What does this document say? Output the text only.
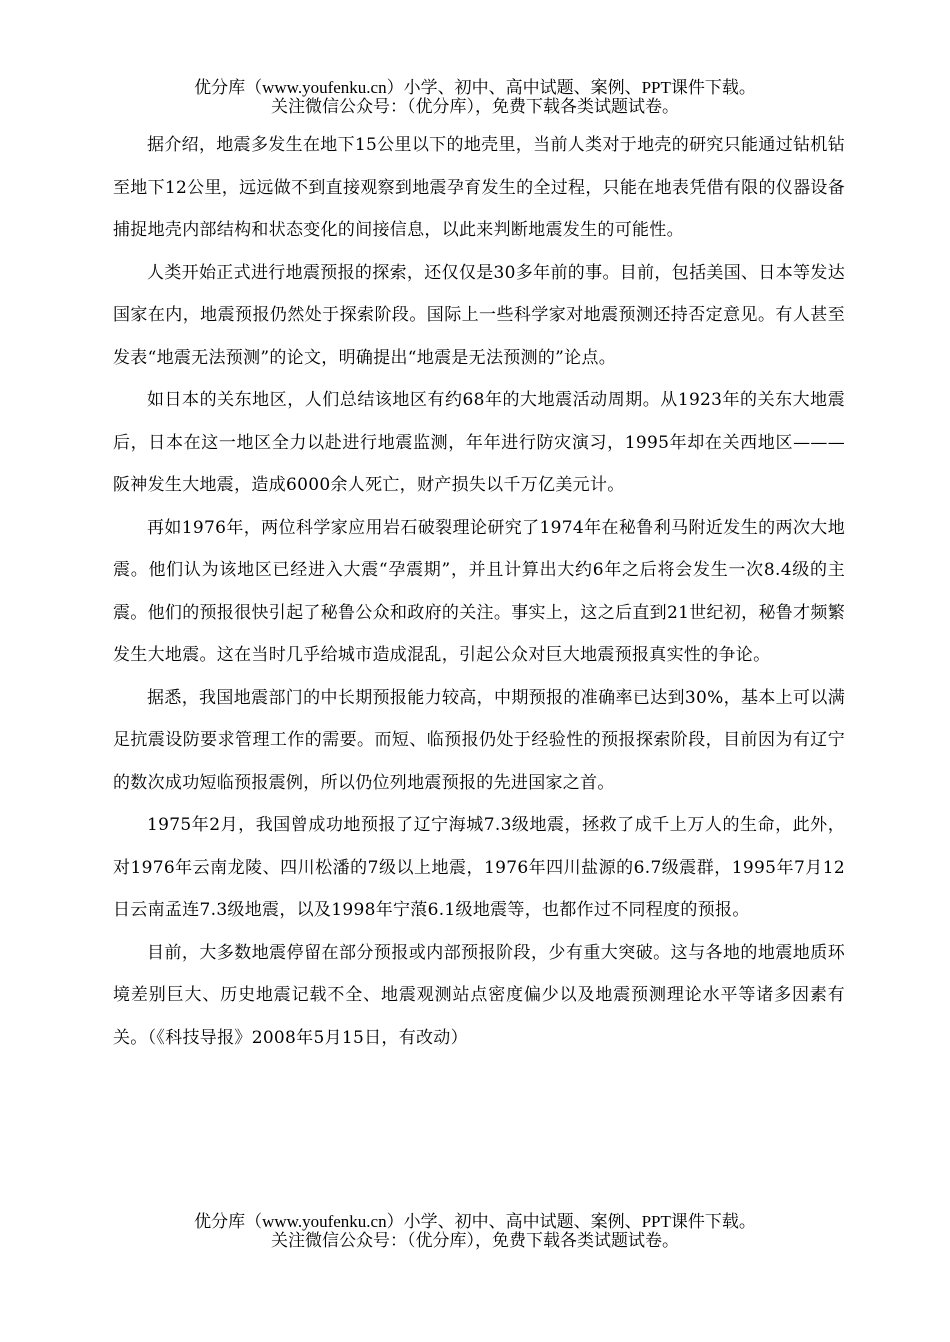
优分库（www.youfenku.cn）小学、初中、高中试题、案例、PPT课件下载。
关注微信公众号：（优分库），免费下载各类试题试卷。

据介绍，地震多发生在地下15公里以下的地壳里，当前人类对于地壳的研究只能通过钻机钻至地下12公里，远远做不到直接观察到地震孕育发生的全过程，只能在地表凭借有限的仪器设备捕捉地壳内部结构和状态变化的间接信息，以此来判断地震发生的可能性。

人类开始正式进行地震预报的探索，还仅仅是30多年前的事。目前，包括美国、日本等发达国家在内，地震预报仍然处于探索阶段。国际上一些科学家对地震预测还持否定意见。有人甚至发表“地震无法预测”的论文，明确提出“地震是无法预测的”论点。

如日本的关东地区，人们总结该地区有约68年的大地震活动周期。从1923年的关东大地震后，日本在这一地区全力以赴进行地震监测，年年进行防灾演习，1995年却在关西地区———阪神发生大地震，造成6000余人死亡，财产损失以千万亿美元计。

再如1976年，两位科学家应用岩石破裂理论研究了1974年在秘鲁利马附近发生的两次大地震。他们认为该地区已经进入大震“孕震期”，并且计算出大约6年之后将会发生一次8.4级的主震。他们的预报很快引起了秘鲁公众和政府的关注。事实上，这之后直到21世纪初，秘鲁才频繁发生大地震。这在当时几乎给城市造成混乱，引起公众对巨大地震预报真实性的争论。

据悉，我国地震部门的中长期预报能力较高，中期预报的准确率已达到30%，基本上可以满足抗震设防要求管理工作的需要。而短、临预报仍处于经验性的预报探索阶段，目前因为有辽宁的数次成功短临预报震例，所以仍位列地震预报的先进国家之首。

1975年2月，我国曾成功地预报了辽宁海城7.3级地震，拯救了成千上万人的生命，此外，对1976年云南龙陵、四川松潘的7级以上地震，1976年四川盐源的6.7级震群，1995年7月12日云南孟连7.3级地震，以及1998年宁蒗6.1级地震等，也都作过不同程度的预报。

目前，大多数地震停留在部分预报或内部预报阶段，少有重大突破。这与各地的地震地质环境差别巨大、历史地震记载不全、地震观测站点密度偏少以及地震预测理论水平等诸多因素有关。（《科技导报》2008年5月15日，有改动）

优分库（www.youfenku.cn）小学、初中、高中试题、案例、PPT课件下载。
关注微信公众号：（优分库），免费下载各类试题试卷。
